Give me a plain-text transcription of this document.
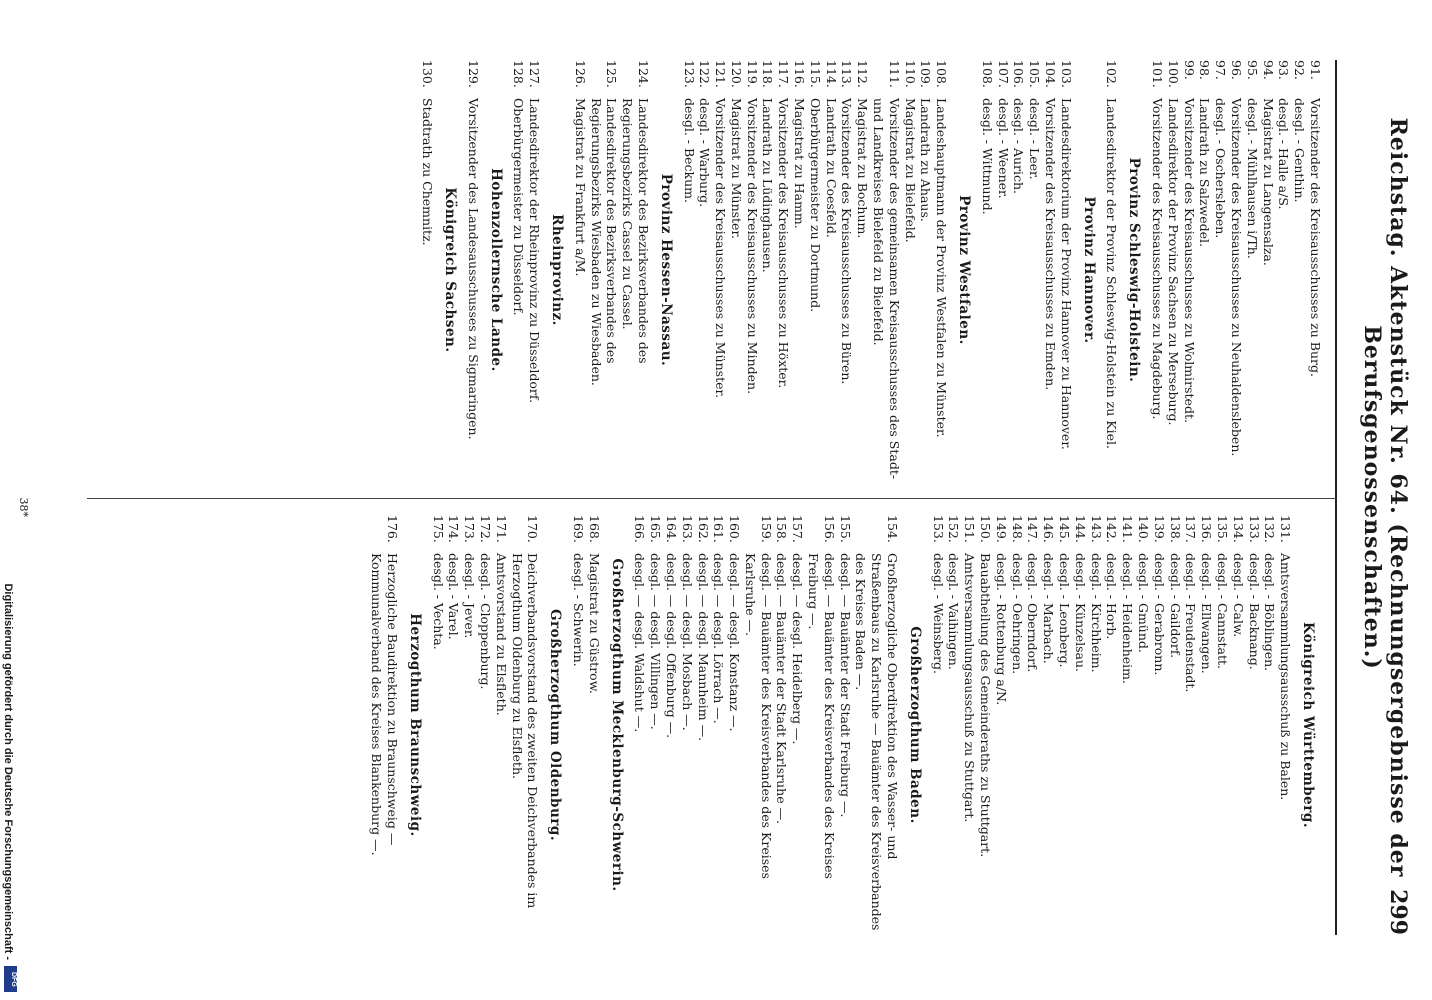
Reichstag. Aktenstück Nr. 64. (Rechnungsergebnisse der Berufsgenossenschaften.)
299
91.
Vorsitzender des Kreisausschusses zu Burg.
92.
desgl. - Genthin.
93.
desgl. - Halle a/S.
94.
Magistrat zu Langensalza.
95.
desgl. - Mühlhausen i/Th.
96.
Vorsitzender des Kreisausschusses zu Neuhaldensleben.
97.
desgl. - Oschersleben.
98.
Landrath zu Salzwedel.
99.
Vorsitzender des Kreisausschusses zu Wolmirstedt.
100.
Landesdirektor der Provinz Sachsen zu Merseburg.
101.
Vorsitzender des Kreisausschusses zu Magdeburg.
Provinz Schleswig-Holstein.
102.
Landesdirektor der Provinz Schleswig-Holstein zu Kiel.
Provinz Hannover.
103.
Landesdirektorium der Provinz Hannover zu Hannover.
104.
Vorsitzender des Kreisausschusses zu Emden.
105.
desgl. - Leer.
106.
desgl. - Aurich.
107.
desgl. - Weener.
108.
desgl. - Wittmund.
Provinz Westfalen.
108.
Landeshauptmann der Provinz Westfalen zu Münster.
109.
Landrath zu Ahaus.
110.
Magistrat zu Bielefeld.
111.
Vorsitzender des gemeinsamen Kreisausschusses des Stadt- und Landkreises Bielefeld zu Bielefeld.
112.
Magistrat zu Bochum.
113.
Vorsitzender des Kreisausschusses zu Büren.
114.
Landrath zu Coesfeld.
115.
Oberbürgermeister zu Dortmund.
116.
Magistrat zu Hamm.
117.
Vorsitzender des Kreisausschusses zu Höxter.
118.
Landrath zu Lüdinghausen.
119.
Vorsitzender des Kreisausschusses zu Minden.
120.
Magistrat zu Münster.
121.
Vorsitzender des Kreisausschusses zu Münster.
122.
desgl. - Warburg.
123.
desgl. - Beckum.
Provinz Hessen-Nassau.
124.
Landesdirektor des Bezirksverbandes des Regierungsbezirks Cassel zu Cassel.
125.
Landesdirektor des Bezirksverbandes des Regierungsbezirks Wiesbaden zu Wiesbaden.
126.
Magistrat zu Frankfurt a/M.
Rheinprovinz.
127.
Landesdirektor der Rheinprovinz zu Düsseldorf.
128.
Oberbürgermeister zu Düsseldorf.
Hohenzollernsche Lande.
129.
Vorsitzender des Landesausschusses zu Sigmaringen.
Königreich Sachsen.
130.
Stadtrath zu Chemnitz.
Königreich Württemberg.
131.
Amtsversammlungsausschuß zu Balen.
132.
desgl. - Böblingen.
133.
desgl. - Backnang.
134.
desgl. - Calw.
135.
desgl. - Cannstatt.
136.
desgl. - Ellwangen.
137.
desgl. - Freudenstadt.
138.
desgl. - Gaildorf.
139.
desgl. - Gerabronn.
140.
desgl. - Gmünd.
141.
desgl. - Heidenheim.
142.
desgl. - Horb.
143.
desgl. - Kirchheim.
144.
desgl. - Künzelsau.
145.
desgl. - Leonberg.
146.
desgl. - Marbach.
147.
desgl. - Oberndorf.
148.
desgl. - Oehringen.
149.
desgl. - Rottenburg a/N.
150.
Bauabtheilung des Gemeinderaths zu Stuttgart.
151.
Amtsversammlungsausschuß zu Stuttgart.
152.
desgl. - Vaihingen.
153.
desgl. - Weinsberg.
Großherzogthum Baden.
154.
Großherzogliche Oberdirektion des Wasser- und Straßenbaus zu Karlsruhe — Bauämter des Kreisverbandes des Kreises Baden —.
155.
desgl. — Bauämter der Stadt Freiburg —.
156.
desgl. — Bauämter des Kreisverbandes des Kreises Freiburg —.
157.
desgl. — desgl. Heidelberg —.
158.
desgl. — Bauämter der Stadt Karlsruhe —.
159.
desgl. — Bauämter des Kreisverbandes des Kreises Karlsruhe —.
160.
desgl. — desgl. Konstanz —.
161.
desgl. — desgl. Lörrach —.
162.
desgl. — desgl. Mannheim —.
163.
desgl. — desgl. Mosbach —.
164.
desgl. — desgl. Offenburg —.
165.
desgl. — desgl. Villingen —.
166.
desgl. — desgl. Waldshut —.
Großherzogthum Mecklenburg-Schwerin.
168.
Magistrat zu Güstrow.
169.
desgl. - Schwerin.
Großherzogthum Oldenburg.
170.
Deichverbandsvorstand des zweiten Deichverbandes im Herzogthum Oldenburg zu Elsfleth.
171.
Amtsvorstand zu Elsfleth.
172.
desgl. - Cloppenburg.
173.
desgl. - Jever.
174.
desgl. - Varel.
175.
desgl. - Vechta.
Herzogthum Braunschweig.
176.
Herzogliche Baudirektion zu Braunschweig — Kommunalverband des Kreises Blankenburg —.
38*
DFG
Digitalisierung gefördert durch die Deutsche Forschungsgemeinschaft -
